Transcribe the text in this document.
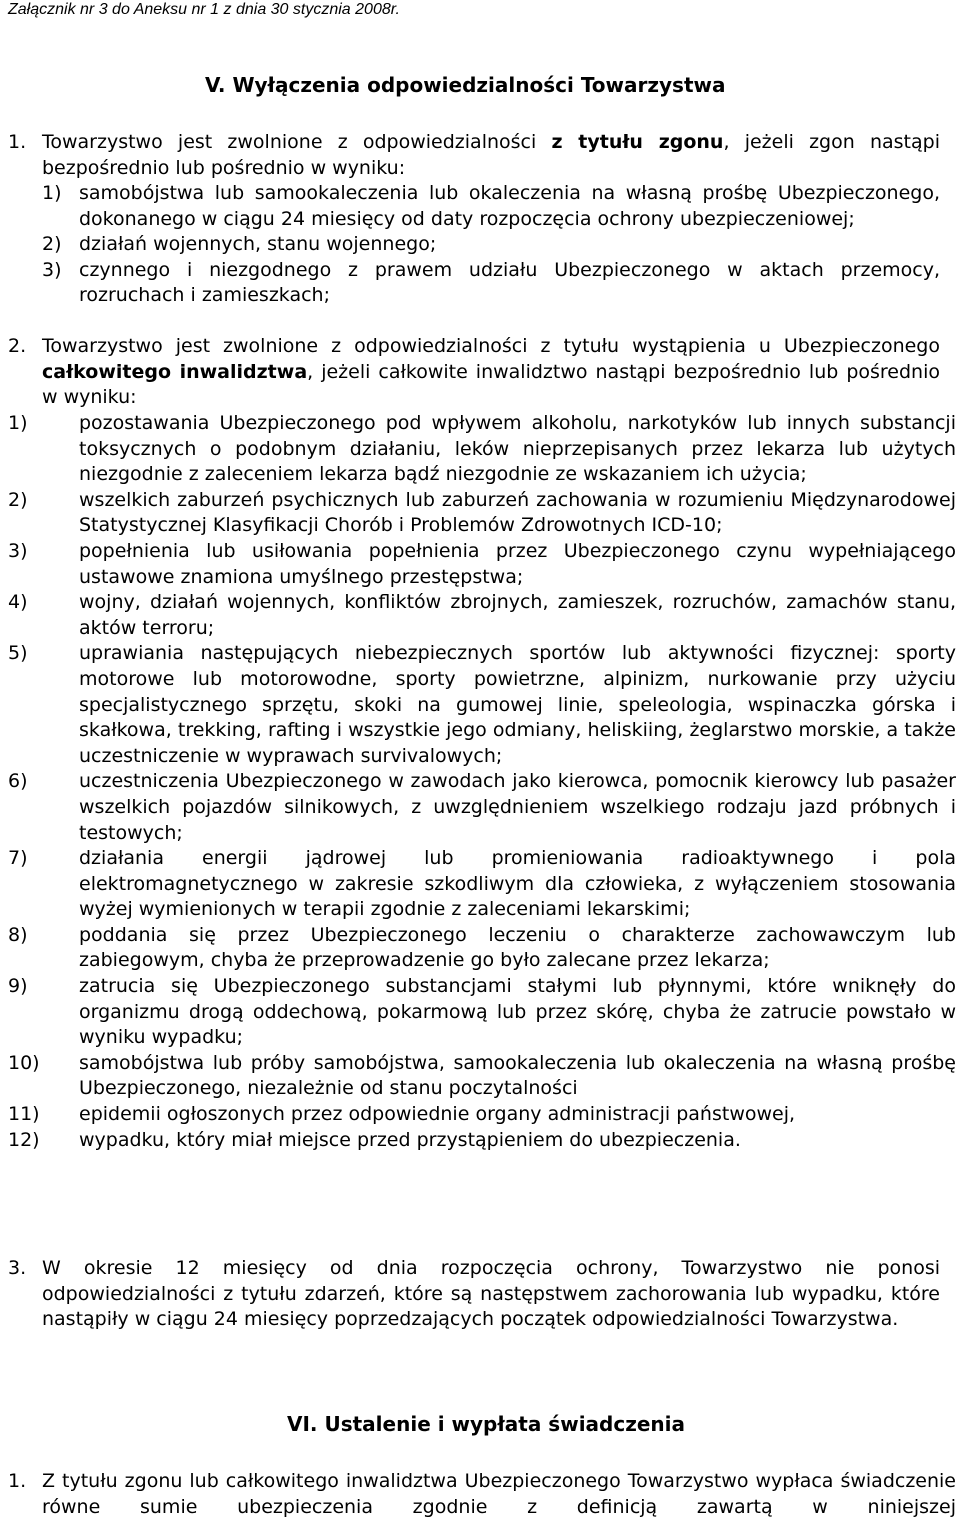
Załącznik nr 3 do Aneksu nr 1 z dnia 30 stycznia 2008r.
V. Wyłączenia odpowiedzialności Towarzystwa
1. Towarzystwo jest zwolnione z odpowiedzialności z tytułu zgonu, jeżeli zgon nastąpi bezpośrednio lub pośrednio w wyniku:
1) samobójstwa lub samookaleczenia lub okaleczenia na własną prośbę Ubezpieczonego, dokonanego w ciągu 24 miesięcy od daty rozpoczęcia ochrony ubezpieczeniowej;
2) działań wojennych, stanu wojennego;
3) czynnego i niezgodnego z prawem udziału Ubezpieczonego w aktach przemocy, rozruchach i zamieszkach;
2. Towarzystwo jest zwolnione z odpowiedzialności z tytułu wystąpienia u Ubezpieczonego całkowitego inwalidztwa, jeżeli całkowite inwalidztwo nastąpi bezpośrednio lub pośrednio w wyniku:
1)	pozostawania Ubezpieczonego pod wpływem alkoholu, narkotyków lub innych substancji toksycznych o podobnym działaniu, leków nieprzepisanych przez lekarza lub użytych niezgodnie z zaleceniem lekarza bądź niezgodnie ze wskazaniem ich użycia;
2)	wszelkich zaburzeń psychicznych lub zaburzeń zachowania w rozumieniu Międzynarodowej Statystycznej Klasyfikacji Chorób i Problemów Zdrowotnych ICD-10;
3)	popełnienia lub usiłowania popełnienia przez Ubezpieczonego czynu wypełniającego ustawowe znamiona umyślnego przestępstwa;
4)	wojny, działań wojennych, konfliktów zbrojnych, zamieszek, rozruchów, zamachów stanu, aktów terroru;
5)	uprawiania następujących niebezpiecznych sportów lub aktywności fizycznej: sporty motorowe lub motorowodne, sporty powietrzne, alpinizm, nurkowanie przy użyciu specjalistycznego sprzętu, skoki na gumowej linie, speleologia, wspinaczka górska i skałkowa, trekking, rafting i wszystkie jego odmiany, heliskiing, żeglarstwo morskie, a także uczestniczenie w wyprawach survivalowych;
6)	uczestniczenia Ubezpieczonego w zawodach jako kierowca, pomocnik kierowcy lub pasażer wszelkich pojazdów silnikowych, z uwzględnieniem wszelkiego rodzaju jazd próbnych i testowych;
7)	działania energii jądrowej lub promieniowania radioaktywnego i pola elektromagnetycznego w zakresie szkodliwym dla człowieka, z wyłączeniem stosowania wyżej wymienionych w terapii zgodnie z zaleceniami lekarskimi;
8)	poddania się przez Ubezpieczonego leczeniu o charakterze zachowawczym lub zabiegowym, chyba że przeprowadzenie go było zalecane przez lekarza;
9)	zatrucia się Ubezpieczonego substancjami stałymi lub płynnymi, które wniknęły do organizmu drogą oddechową, pokarmową lub przez skórę, chyba że zatrucie powstało w wyniku wypadku;
10) samobójstwa lub próby samobójstwa, samookaleczenia lub okaleczenia na własną prośbę Ubezpieczonego, niezależnie od stanu poczytalności
11) epidemii ogłoszonych przez odpowiednie organy administracji państwowej,
12) wypadku, który miał miejsce przed przystąpieniem do ubezpieczenia.
3. W okresie 12 miesięcy od dnia rozpoczęcia ochrony, Towarzystwo nie ponosi odpowiedzialności z tytułu zdarzeń, które są następstwem zachorowania lub wypadku, które nastąpiły w ciągu 24 miesięcy poprzedzających początek odpowiedzialności Towarzystwa.
VI. Ustalenie i wypłata świadczenia
1. Z tytułu zgonu lub całkowitego inwalidztwa Ubezpieczonego Towarzystwo wypłaca świadczenie równe sumie ubezpieczenia zgodnie z definicją zawartą w niniejszej
